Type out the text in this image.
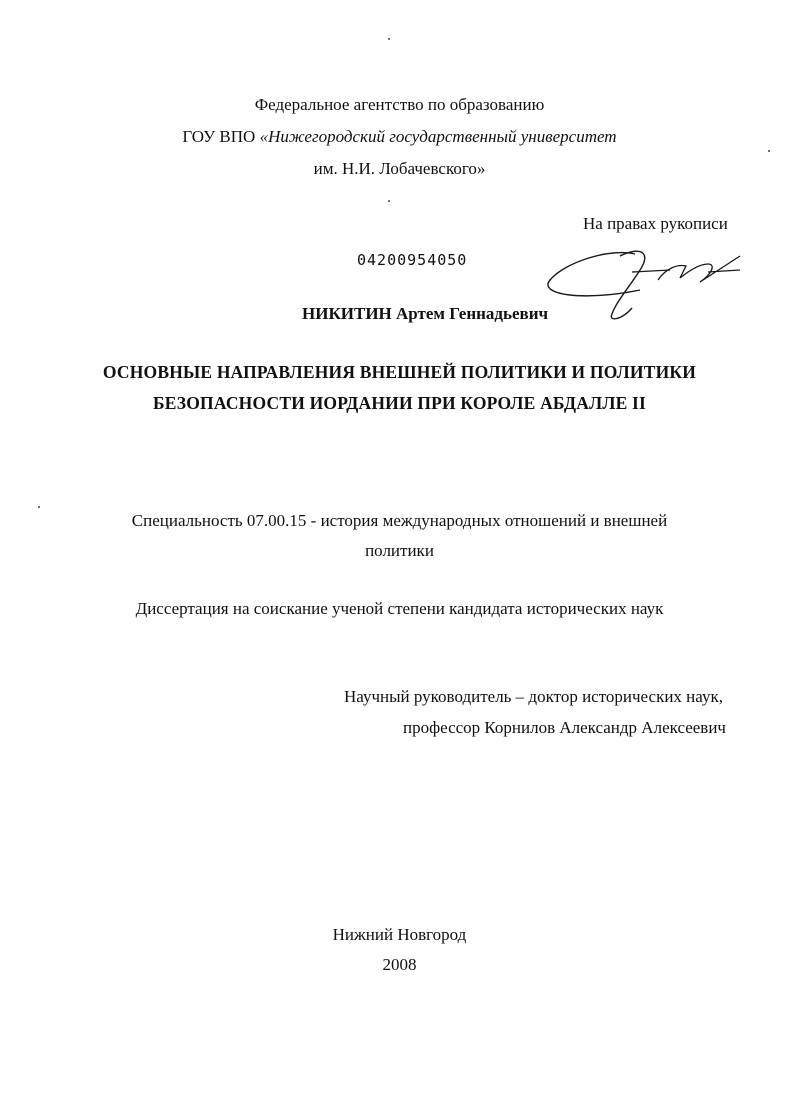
Федеральное агентство по образованию
ГОУ ВПО «Нижегородский государственный университет
им. Н.И. Лобачевского»
На правах рукописи
04200954050
НИКИТИН Артем Геннадьевич
ОСНОВНЫЕ НАПРАВЛЕНИЯ ВНЕШНЕЙ ПОЛИТИКИ И ПОЛИТИКИ
БЕЗОПАСНОСТИ ИОРДАНИИ ПРИ КОРОЛЕ АБДАЛЛЕ II
Специальность 07.00.15 - история международных отношений и внешней
политики
Диссертация на соискание ученой степени кандидата исторических наук
Научный руководитель – доктор исторических наук,
профессор Корнилов Александр Алексеевич
Нижний Новгород
2008
